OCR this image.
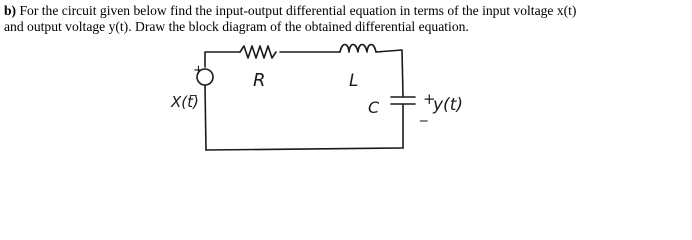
b) For the circuit given below find the input-output differential equation in terms of the input voltage x(t)
and output voltage y(t). Draw the block diagram of the obtained differential equation.
X(t)
+
_	R	L
C	+
_ y(t)
